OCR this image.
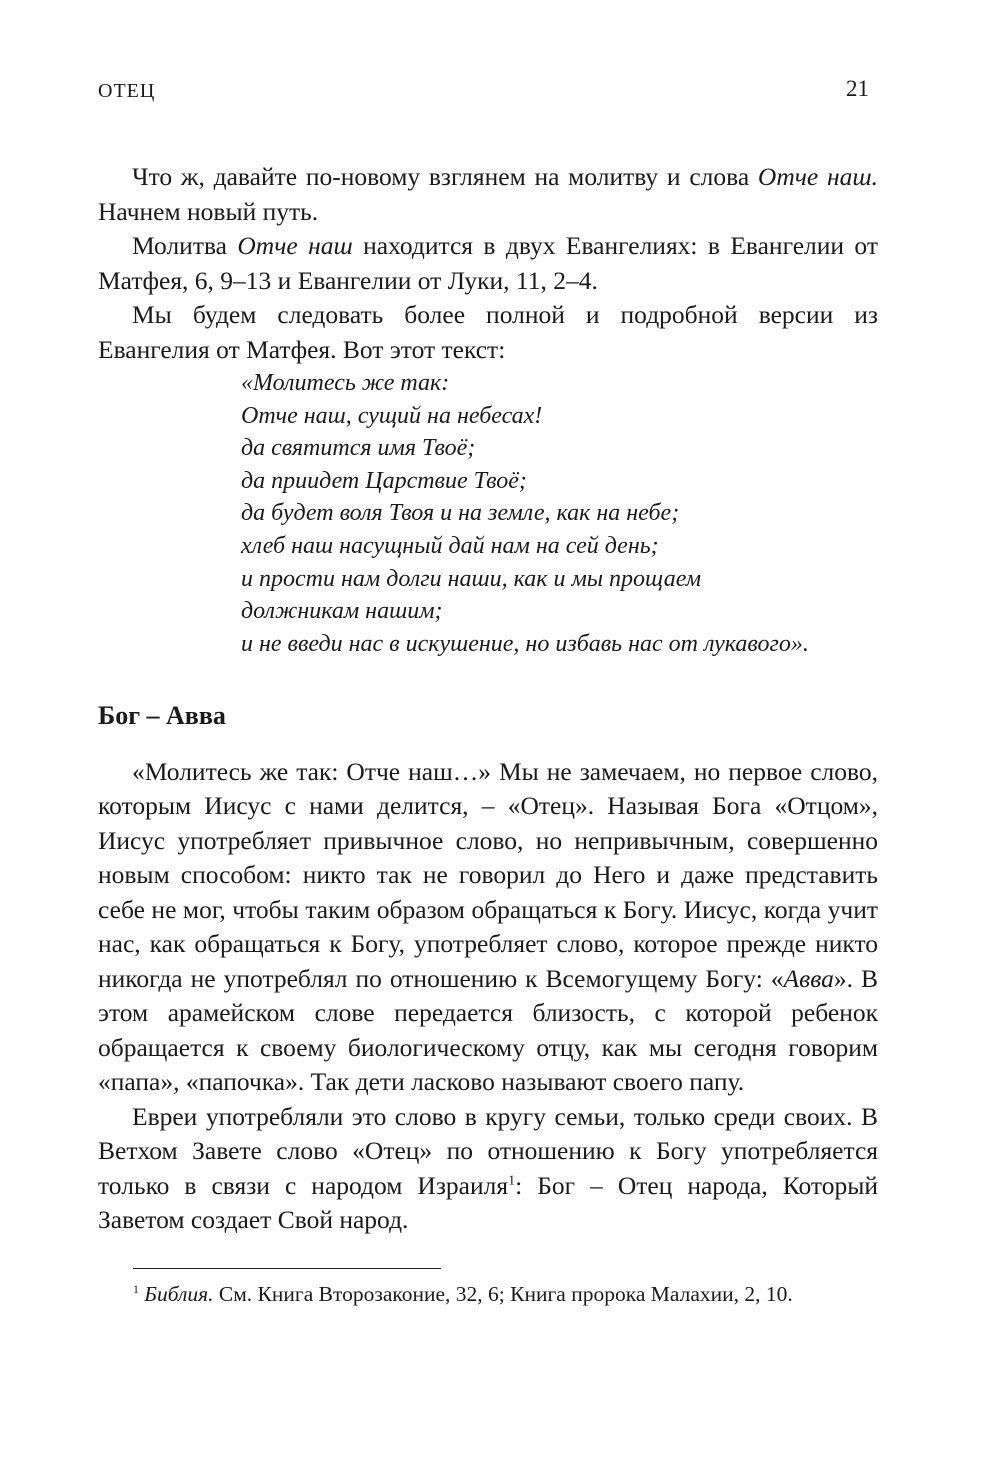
ОТЕЦ	21

Что ж, давайте по-новому взглянем на молитву и слова Отче наш. Начнем новый путь.

Молитва Отче наш находится в двух Евангелиях: в Евангелии от Матфея, 6, 9–13 и Евангелии от Луки, 11, 2–4.

Мы будем следовать более полной и подробной версии из Евангелия от Матфея. Вот этот текст:

«Молитесь же так:
Отче наш, сущий на небесах!
да святится имя Твоё;
да приидет Царствие Твоё;
да будет воля Твоя и на земле, как на небе;
хлеб наш насущный дай нам на сей день;
и прости нам долги наши, как и мы прощаем
должникам нашим;
и не введи нас в искушение, но избавь нас от лукавого».
Бог – Авва

«Молитесь же так: Отче наш…» Мы не замечаем, но первое слово, которым Иисус с нами делится, – «Отец». Называя Бога «Отцом», Иисус употребляет привычное слово, но непривычным, совершенно новым способом: никто так не говорил до Него и даже представить себе не мог, чтобы таким образом обращаться к Богу. Иисус, когда учит нас, как обращаться к Богу, употребляет слово, которое прежде никто никогда не употреблял по отношению к Всемогущему Богу: «Авва». В этом арамейском слове передается близость, с которой ребенок обращается к своему биологическому отцу, как мы сегодня говорим «папа», «папочка». Так дети ласково называют своего папу.

Евреи употребляли это слово в кругу семьи, только среди своих. В Ветхом Завете слово «Отец» по отношению к Богу употребляется только в связи с народом Израиля$^1$: Бог – Отец народа, Который Заветом создает Свой народ.

$^1$ Библия. См. Книга Второзаконие, 32, 6; Книга пророка Малахии, 2, 10.
